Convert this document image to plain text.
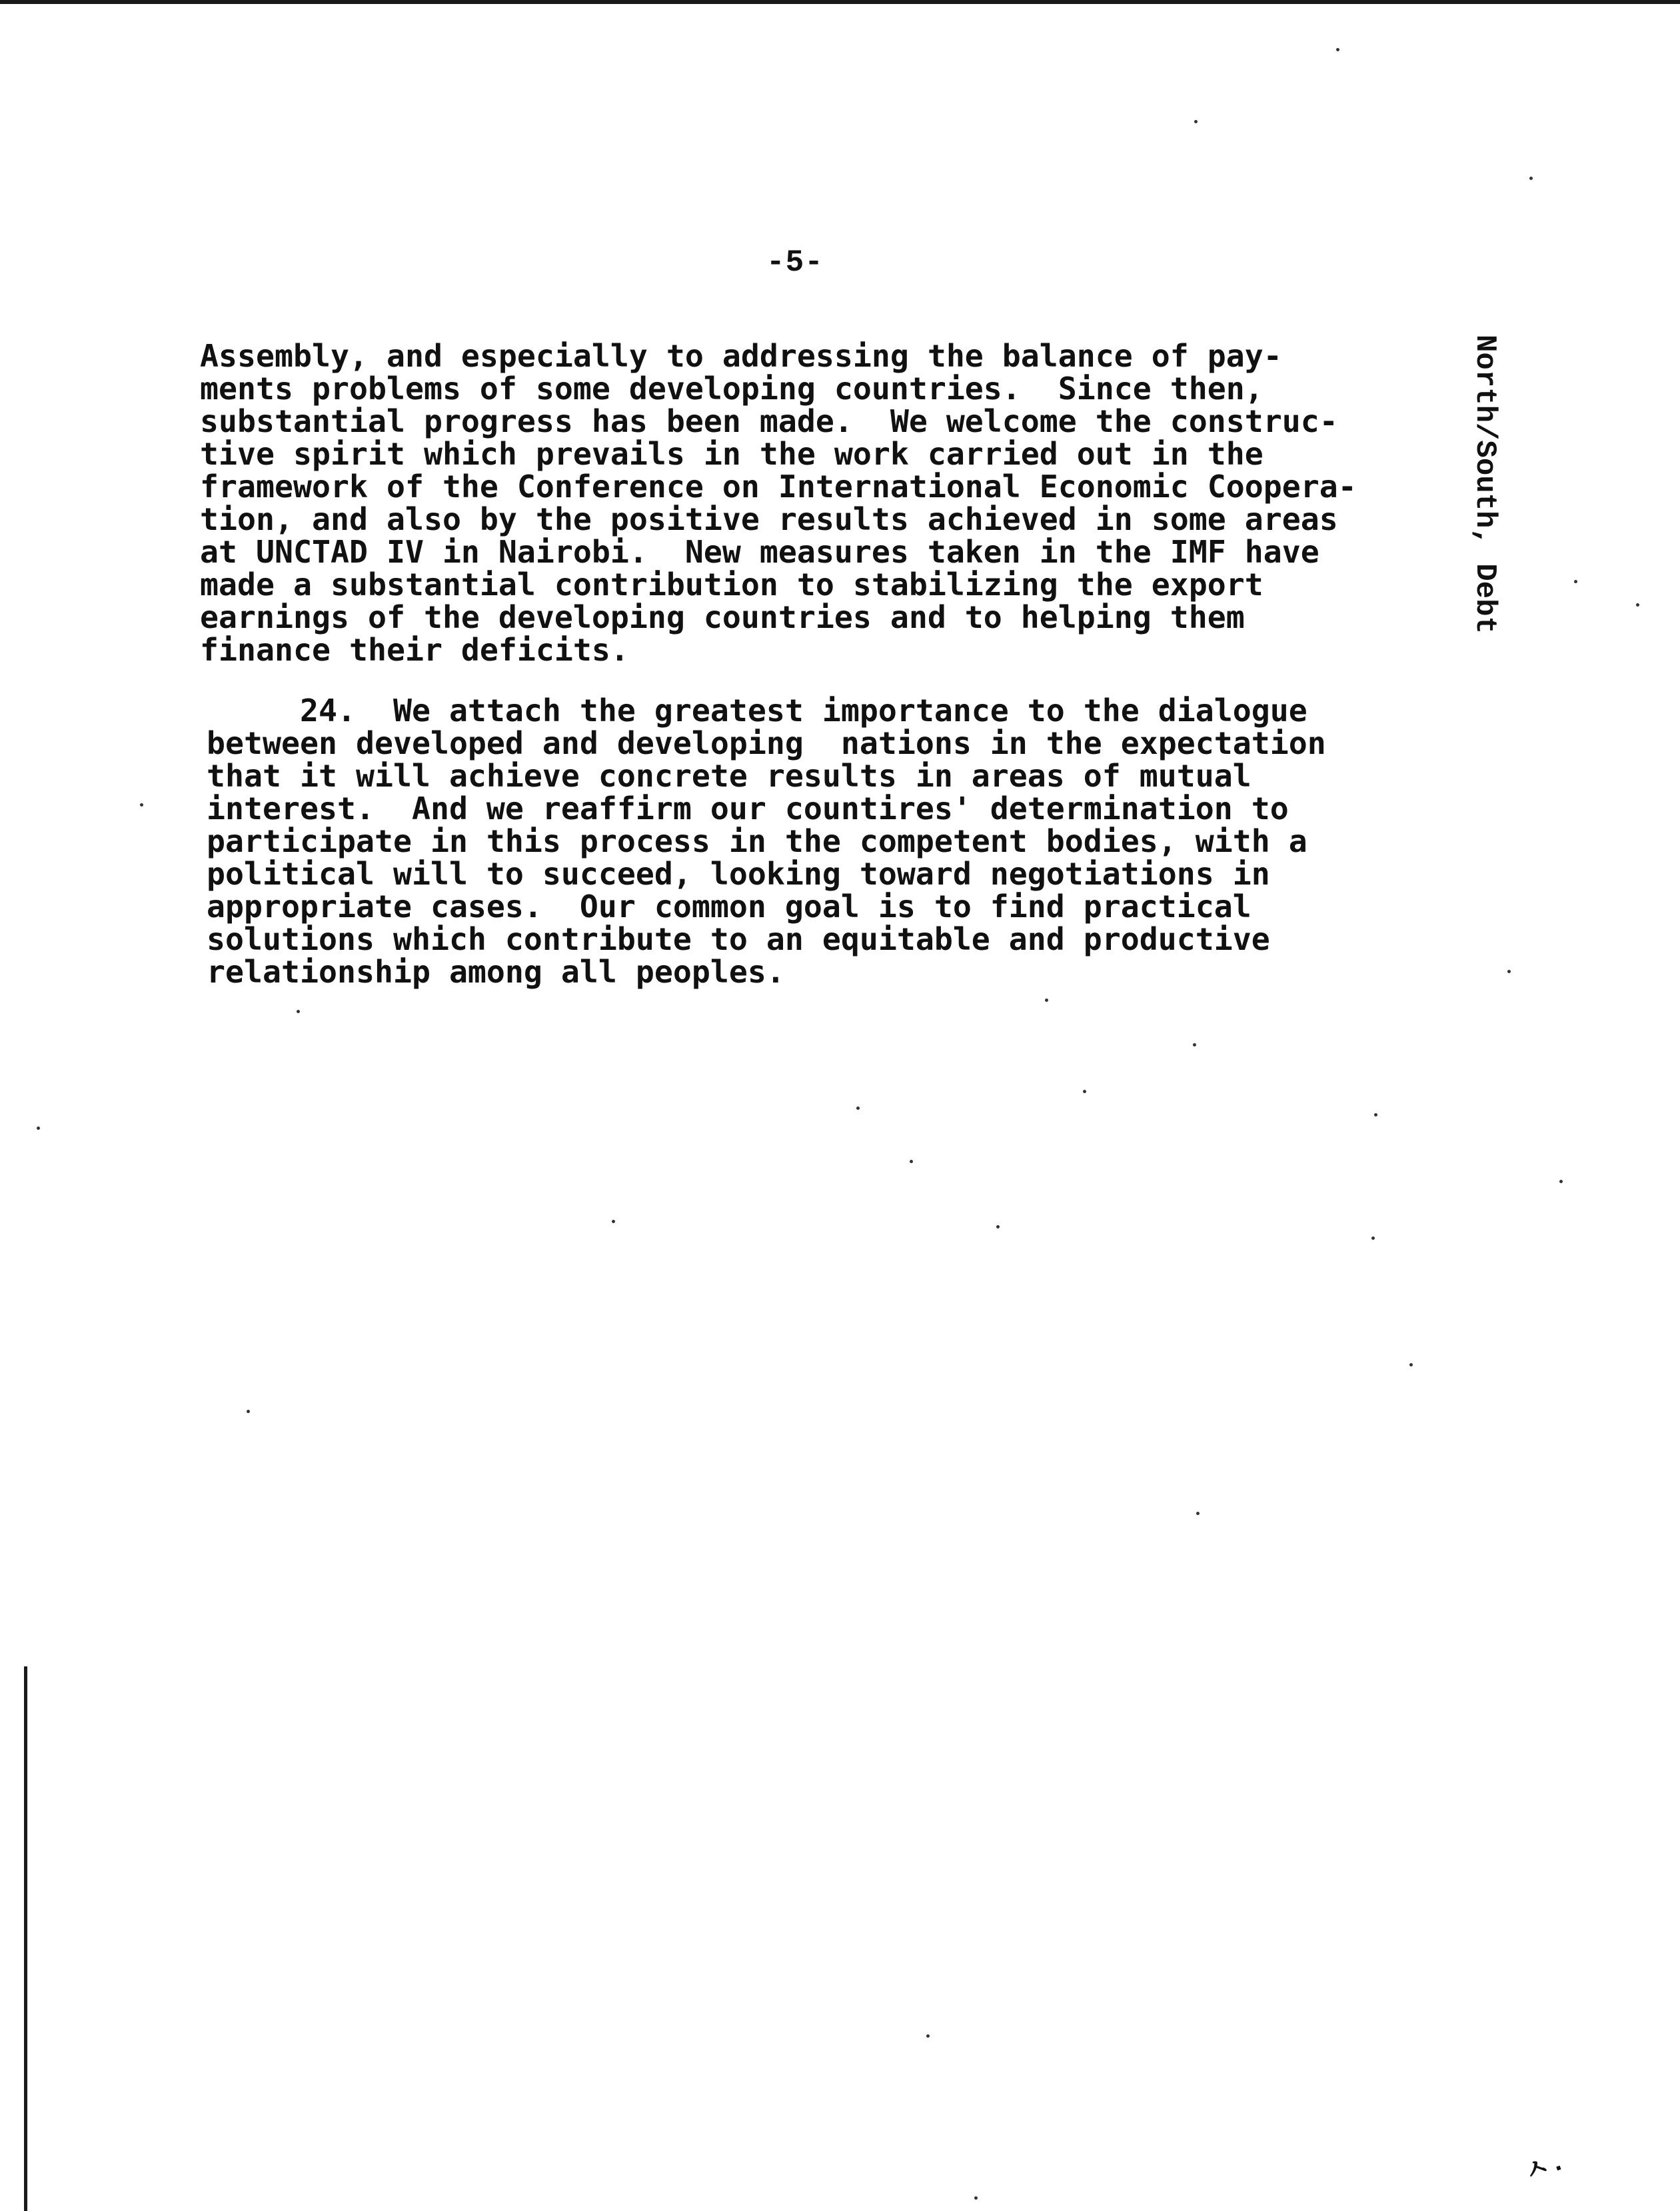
-5-
Assembly, and especially to addressing the balance of pay-
ments problems of some developing countries.  Since then,
substantial progress has been made.  We welcome the construc-
tive spirit which prevails in the work carried out in the
framework of the Conference on International Economic Coopera-
tion, and also by the positive results achieved in some areas
at UNCTAD IV in Nairobi.  New measures taken in the IMF have
made a substantial contribution to stabilizing the export
earnings of the developing countries and to helping them
finance their deficits.
24.  We attach the greatest importance to the dialogue
between developed and developing  nations in the expectation
that it will achieve concrete results in areas of mutual
interest.  And we reaffirm our countires' determination to
participate in this process in the competent bodies, with a
political will to succeed, looking toward negotiations in
appropriate cases.  Our common goal is to find practical
solutions which contribute to an equitable and productive
relationship among all peoples.
North/South, Debt
ㅅ.
